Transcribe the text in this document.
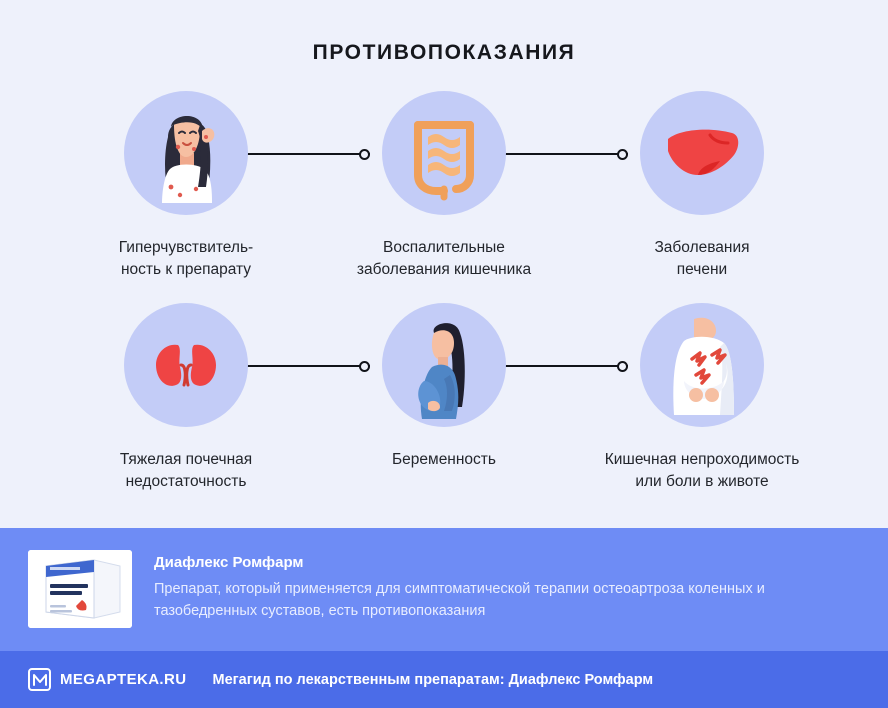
ПРОТИВОПОКАЗАНИЯ
Гиперчувствитель-
ность к препарату
Воспалительные
заболевания кишечника
Заболевания
печени
Тяжелая почечная
недостаточность
Беременность	Кишечная непроходимость
или боли в животе
Диафлекс Ромфарм
Препарат, который применяется для симптоматической терапии остеоартроза коленных и тазобедренных суставов, есть противопоказания
MEGAPTEKA.RU Мегагид по лекарственным препаратам: Диафлекс Ромфарм
